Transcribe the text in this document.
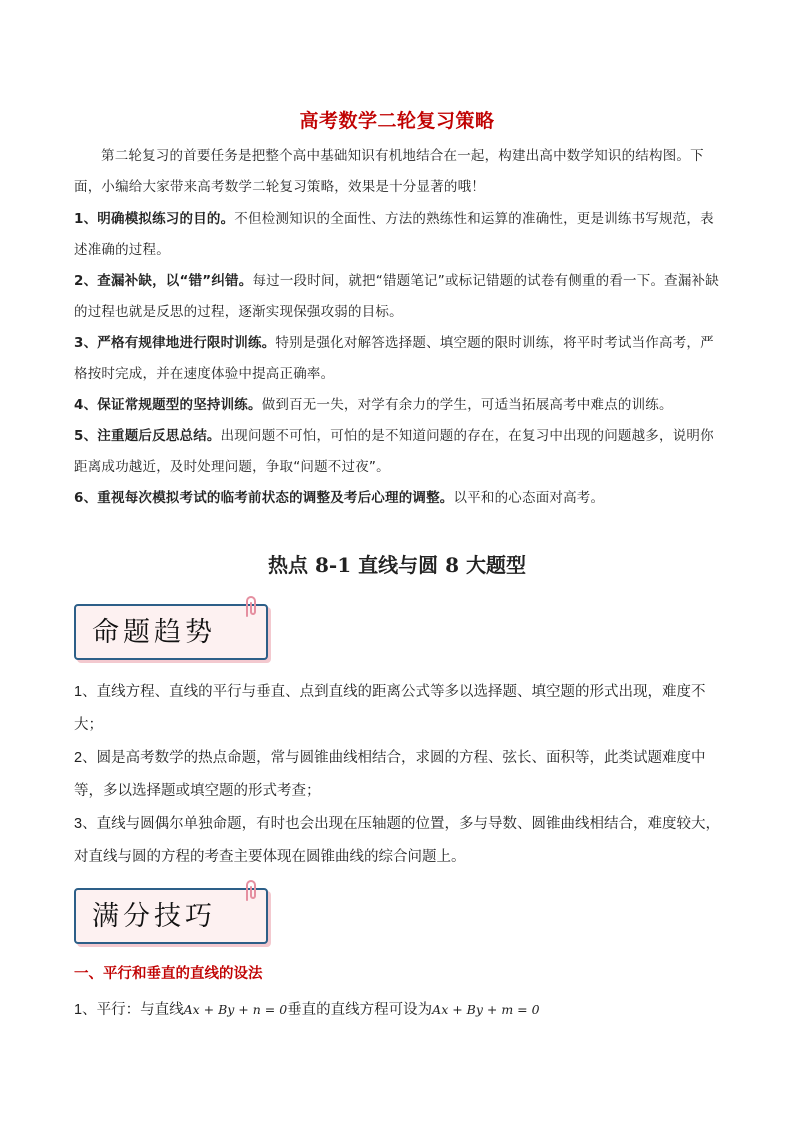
高考数学二轮复习策略
第二轮复习的首要任务是把整个高中基础知识有机地结合在一起，构建出高中数学知识的结构图。下面，小编给大家带来高考数学二轮复习策略，效果是十分显著的哦！
1、明确模拟练习的目的。不但检测知识的全面性、方法的熟练性和运算的准确性，更是训练书写规范，表述准确的过程。
2、查漏补缺，以“错”纠错。每过一段时间，就把“错题笔记”或标记错题的试卷有侧重的看一下。查漏补缺的过程也就是反思的过程，逐渐实现保强攻弱的目标。
3、严格有规律地进行限时训练。特别是强化对解答选择题、填空题的限时训练，将平时考试当作高考，严格按时完成，并在速度体验中提高正确率。
4、保证常规题型的坚持训练。做到百无一失，对学有余力的学生，可适当拓展高考中难点的训练。
5、注重题后反思总结。出现问题不可怕，可怕的是不知道问题的存在，在复习中出现的问题越多，说明你距离成功越近，及时处理问题，争取“问题不过夜”。
6、重视每次模拟考试的临考前状态的调整及考后心理的调整。以平和的心态面对高考。
热点 8-1 直线与圆 8 大题型
命题趋势
1、直线方程、直线的平行与垂直、点到直线的距离公式等多以选择题、填空题的形式出现，难度不大；
2、圆是高考数学的热点命题，常与圆锥曲线相结合，求圆的方程、弦长、面积等，此类试题难度中等，多以选择题或填空题的形式考查；
3、直线与圆偶尔单独命题，有时也会出现在压轴题的位置，多与导数、圆锥曲线相结合，难度较大，对直线与圆的方程的考查主要体现在圆锥曲线的综合问题上。
满分技巧
一、平行和垂直的直线的设法
1、平行：与直线Ax + By + n = 0垂直的直线方程可设为Ax + By + m = 0
